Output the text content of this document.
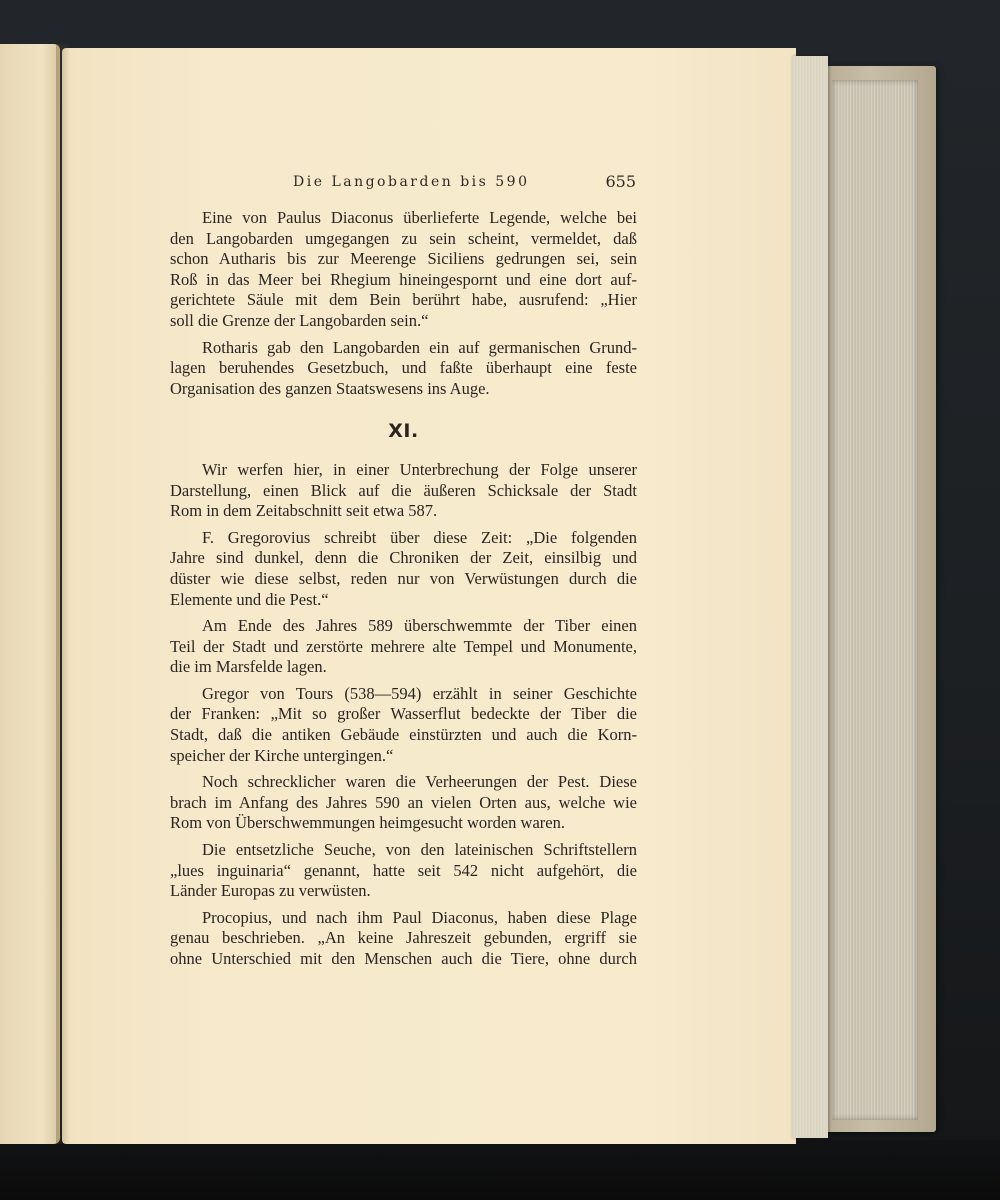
Die Langobarden bis 590	655

Eine von Paulus Diaconus überlieferte Legende, welche bei
den Langobarden umgegangen zu sein scheint, vermeldet, daß
schon Autharis bis zur Meerenge Siciliens gedrungen sei, sein
Roß in das Meer bei Rhegium hineingespornt und eine dort auf-
gerichtete Säule mit dem Bein berührt habe, ausrufend: „Hier
soll die Grenze der Langobarden sein.“

Rotharis gab den Langobarden ein auf germanischen Grund-
lagen beruhendes Gesetzbuch, und faßte überhaupt eine feste
Organisation des ganzen Staatswesens ins Auge.

XI.

Wir werfen hier, in einer Unterbrechung der Folge unserer
Darstellung, einen Blick auf die äußeren Schicksale der Stadt
Rom in dem Zeitabschnitt seit etwa 587.

F. Gregorovius schreibt über diese Zeit: „Die folgenden
Jahre sind dunkel, denn die Chroniken der Zeit, einsilbig und
düster wie diese selbst, reden nur von Verwüstungen durch die
Elemente und die Pest.“

Am Ende des Jahres 589 überschwemmte der Tiber einen
Teil der Stadt und zerstörte mehrere alte Tempel und Monumente,
die im Marsfelde lagen.

Gregor von Tours (538—594) erzählt in seiner Geschichte
der Franken: „Mit so großer Wasserflut bedeckte der Tiber die
Stadt, daß die antiken Gebäude einstürzten und auch die Korn-
speicher der Kirche untergingen.“

Noch schrecklicher waren die Verheerungen der Pest. Diese
brach im Anfang des Jahres 590 an vielen Orten aus, welche wie
Rom von Überschwemmungen heimgesucht worden waren.

Die entsetzliche Seuche, von den lateinischen Schriftstellern
„lues inguinaria“ genannt, hatte seit 542 nicht aufgehört, die
Länder Europas zu verwüsten.

Procopius, und nach ihm Paul Diaconus, haben diese Plage
genau beschrieben. „An keine Jahreszeit gebunden, ergriff sie
ohne Unterschied mit den Menschen auch die Tiere, ohne durch
